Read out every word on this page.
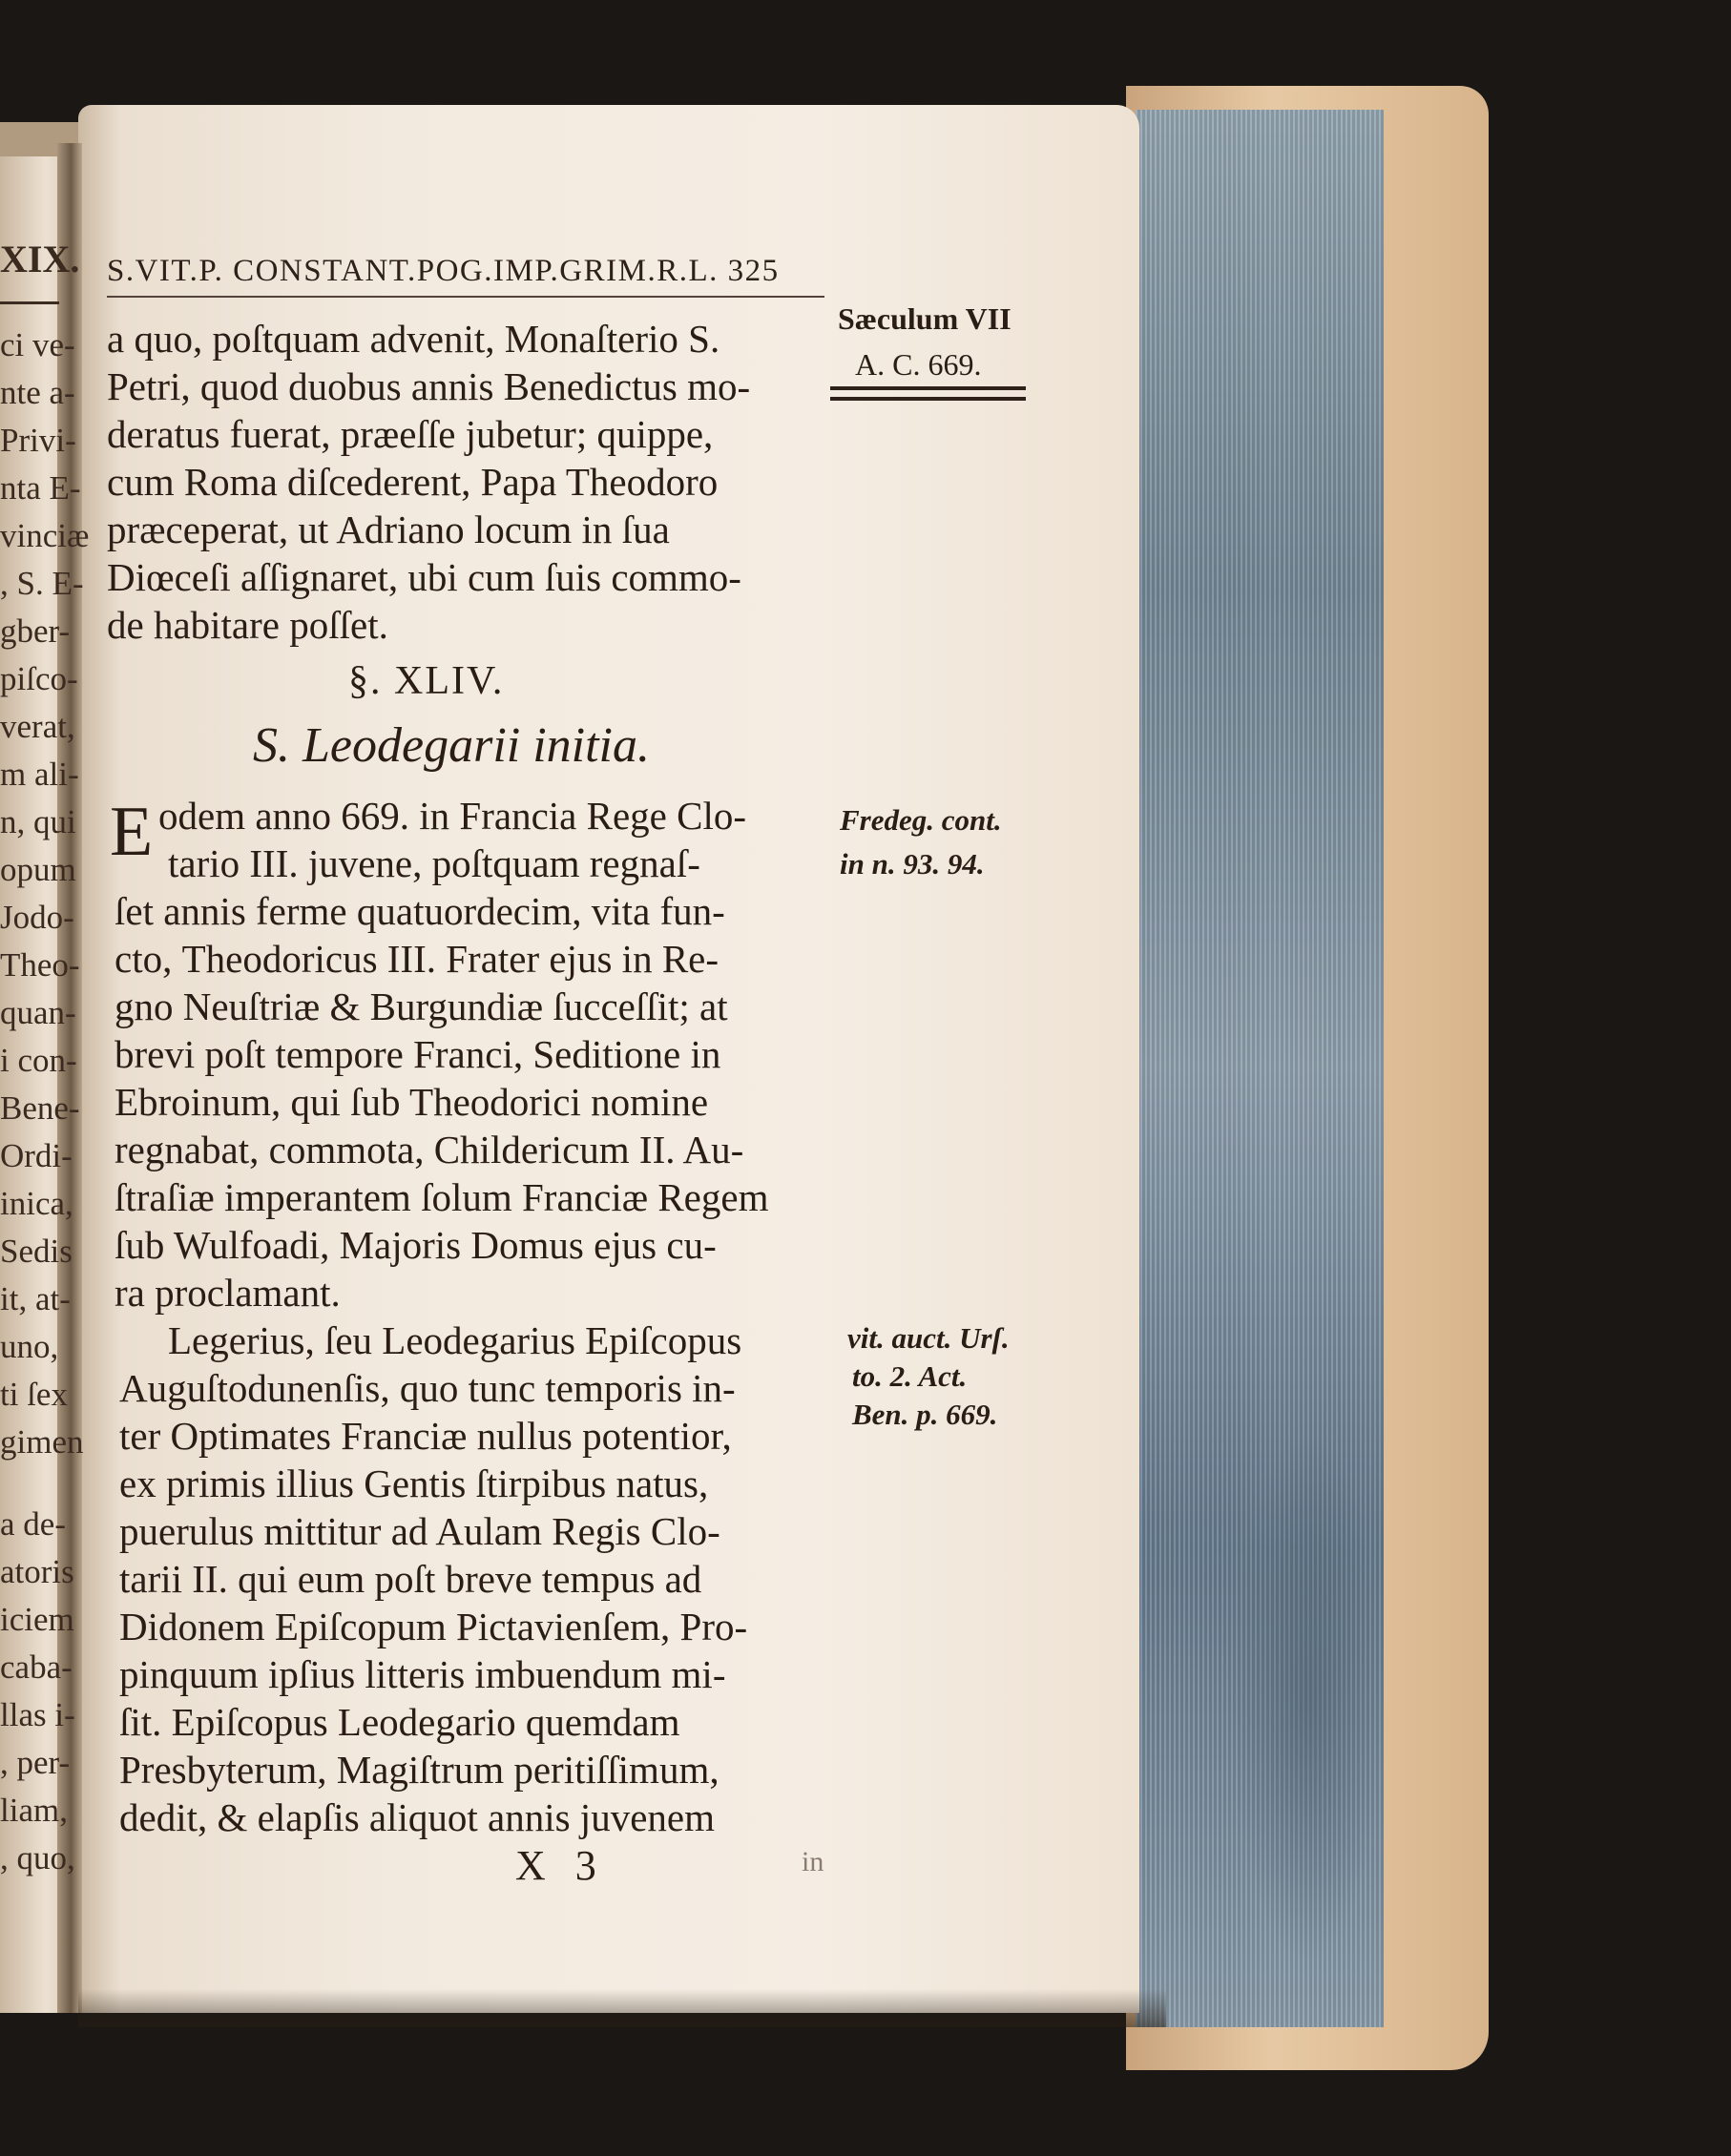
XIX.
ci ve-
nte a-
Privi-
nta E-
vinciæ
, S. E-
gber-
piſco-
verat,
m ali-
n, qui
opum
Jodo-
Theo-
quan-
i con-
Bene-
Ordi-
inica,
Sedis
it, at-
uno,
ti ſex
gimen
a de-
atoris
iciem
caba-
llas i-
, per-
liam,
, quo,
S.VIT.P. CONSTANT.POG.IMP.GRIM.R.L. 325
Sæculum VII
A. C. 669.
a quo, poſtquam advenit, Monaſterio S.
Petri, quod duobus annis Benedictus mo-
deratus fuerat, præeſſe jubetur; quippe,
cum Roma diſcederent, Papa Theodoro
præceperat, ut Adriano locum in ſua
Diœceſi aſſignaret, ubi cum ſuis commo-
de habitare poſſet.
§. XLIV.
S. Leodegarii initia.
E odem anno 669. in Francia Rege Clo-
tario III. juvene, poſtquam regnaſ-
ſet annis ferme quatuordecim, vita fun-
ctо, Theodoricus III. Frater ejus in Re-
gno Neuſtriæ & Burgundiæ ſucceſſit; at
brevi poſt tempore Franci, Seditione in
Ebroinum, qui ſub Theodorici nomine
regnabat, commota, Childericum II. Au-
ſtraſiæ imperantem ſolum Franciæ Regem
ſub Wulfoadi, Majoris Domus ejus cu-
ra proclamant.
Fredeg. cont.
in n. 93. 94.
Legerius, ſeu Leodegarius Epiſcopus
Auguſtodunenſis, quo tunc temporis in-
ter Optimates Franciæ nullus potentior,
ex primis illius Gentis ſtirpibus natus,
puerulus mittitur ad Aulam Regis Clo-
tarii II. qui eum poſt breve tempus ad
Didonem Epiſcopum Pictavienſem, Pro-
pinquum ipſius litteris imbuendum mi-
ſit. Epiſcopus Leodegario quemdam
Presbyterum, Magiſtrum peritiſſimum,
dedit, & elapſis aliquot annis juvenem
vit. auct. Urſ.
to. 2. Act.
Ben. p. 669.
X 3	in
